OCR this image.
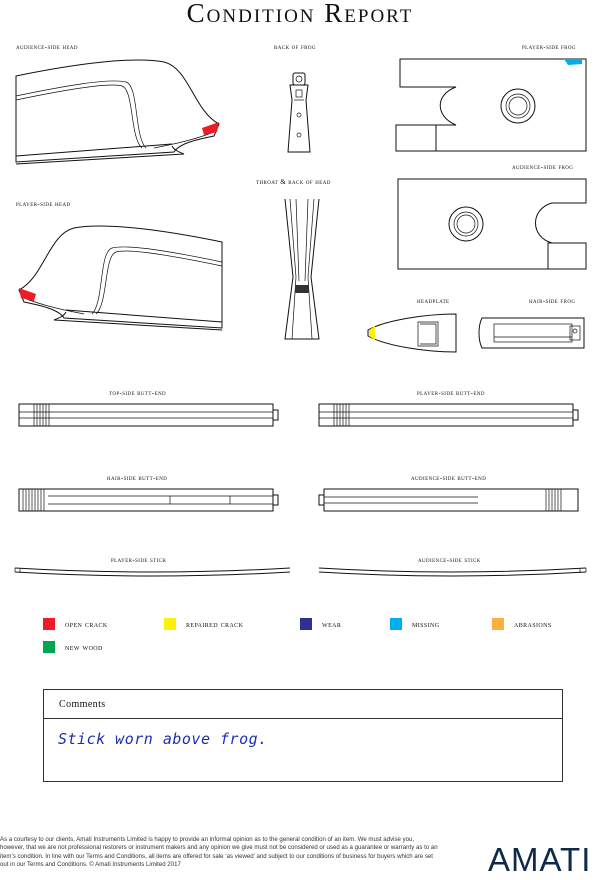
Condition Report
audience-side head	back of frog	player-side frog
audience-side frog
player-side head
throat & back of head
headplate	hair-side frog
top-side butt-end	player-side butt-end
hair-side butt-end	audience-side butt-end
player-side stick	audience-side stick
open crack	repaired crack	wear	missing	abrasions
new wood
Comments
Stick worn above frog.
As a courtesy to our clients, Amati Instruments Limited is happy to provide an informal opinion as to the general condition of an item. We must advise you, however, that we are not professional restorers or instrument makers and any opinion we give must not be considered or used as a guarantee or warranty as to an item’s condition. In line with our Terms and Conditions, all items are offered for sale ‘as viewed’ and subject to our conditions of business for buyers which are set out in our Terms and Conditions. © Amati Instruments Limited 2017	AMATI
